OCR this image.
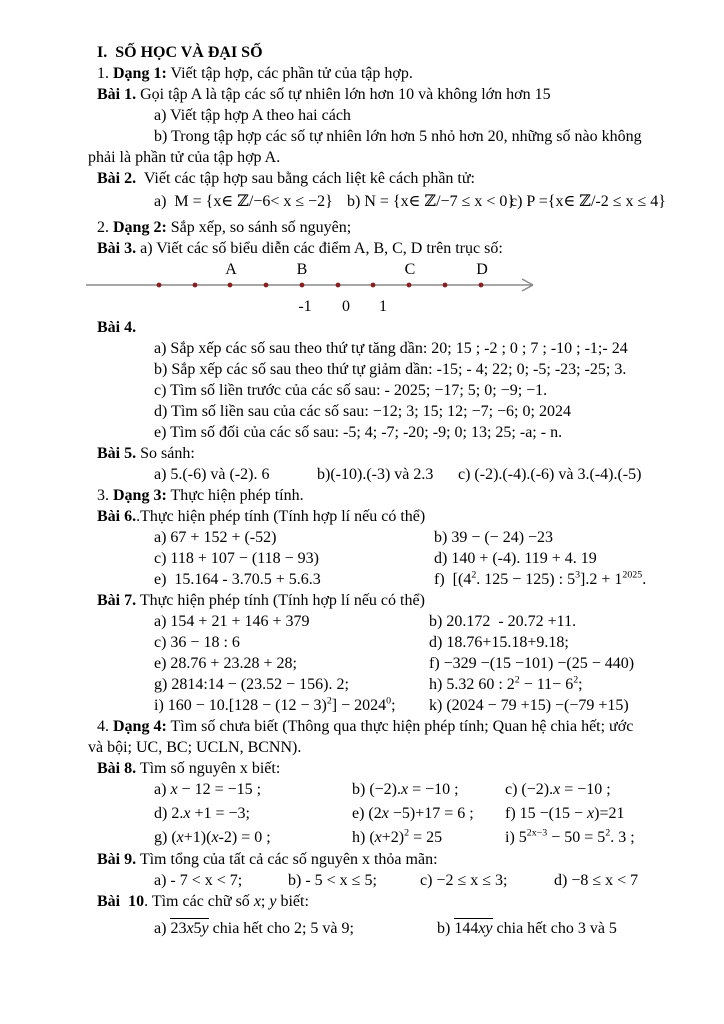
I.  SỐ HỌC VÀ ĐẠI SỐ
1. Dạng 1: Viết tập hợp, các phần tử của tập hợp.
Bài 1. Gọi tập A là tập các số tự nhiên lớn hơn 10 và không lớn hơn 15
a) Viết tập hợp A theo hai cách
b) Trong tập hợp các số tự nhiên lớn hơn 5 nhỏ hơn 20, những số nào không
phải là phần tử của tập hợp A.
Bài 2.  Viết các tập hợp sau bằng cách liệt kê cách phần tử:
a)  M = {x∈ ℤ/−6< x ≤ −2} b) N = {x∈ ℤ/−7 ≤ x < 0}
c) P ={x∈ ℤ/-2 ≤ x ≤ 4}
2. Dạng 2: Sắp xếp, so sánh số nguyên;
Bài 3. a) Viết các số biểu diễn các điểm A, B, C, D trên trục số:
A	B	C	D
-1 0 1
Bài 4.
a) Sắp xếp các số sau theo thứ tự tăng dần: 20; 15 ; -2 ; 0 ; 7 ; -10 ; -1;- 24
b) Sắp xếp các số sau theo thứ tự giảm dần: -15; - 4; 22; 0; -5; -23; -25; 3.
c) Tìm số liền trước của các số sau: - 2025; −17; 5; 0; −9; −1.
d) Tìm số liền sau của các số sau: −12; 3; 15; 12; −7; −6; 0; 2024
e) Tìm số đối của các số sau: -5; 4; -7; -20; -9; 0; 13; 25; -a; - n.
Bài 5. So sánh:
a) 5.(-6) và (-2). 6	b)(-10).(-3) và 2.3 c) (-2).(-4).(-6) và 3.(-4).(-5)
3. Dạng 3: Thực hiện phép tính.
Bài 6..Thực hiện phép tính (Tính hợp lí nếu có thể)
a) 67 + 152 + (-52)	b) 39 − (− 24) −23
c) 118 + 107 − (118 − 93)	d) 140 + (-4). 119 + 4. 19
e)  15.164 - 3.70.5 + 5.6.3	f)  [($4^2$. 125 − 125) : $5^3].2 + 1^{2025}$.
Bài 7. Thực hiện phép tính (Tính hợp lí nếu có thể)
a) 154 + 21 + 146 + 379	b) 20.172  - 20.72 +11.
c) 36 − 18 : 6	d) 18.76+15.18+9.18;
e) 28.76 + 23.28 + 28;	f) −329 −(15 −101) −(25 − 440)
g) 2814:14 − (23.52 − 156). 2;	h) 5.32 60 : $2^2 - 11- 6^2$;
i) $160 - 10.[128 - (12 - 3)^2] - 2024^0$; k) (2024 − 79 +15) −(−79 +15)
4. Dạng 4: Tìm số chưa biết (Thông qua thực hiện phép tính; Quan hệ chia hết; ước
và bội; UC, BC; UCLN, BCNN).
Bài 8. Tìm số nguyên x biết:
a) x − 12 = −15 ;	b) (−2).x = −10 ;	c) (−2).x = −10 ;
d) 2.x +1 = −3;	e) (2x −5)+17 = 6 ; f) 15 −(15 − x)=21
g) (x+1)(x-2) = 0 ;	h) $(x+2)^2 = 25$	i) $5^{2x-3} - 50 = 5^2$. 3 ;
Bài 9. Tìm tổng của tất cả các số nguyên x thỏa mãn:
a) - 7 < x < 7;	b) - 5 < x ≤ 5;	c) −2 ≤ x ≤ 3;	d) −8 ≤ x < 7
Bài  10. Tìm các chữ số x; y biết:
a) 23x5y chia hết cho 2; 5 và 9;	b) 144xy chia hết cho 3 và 5
